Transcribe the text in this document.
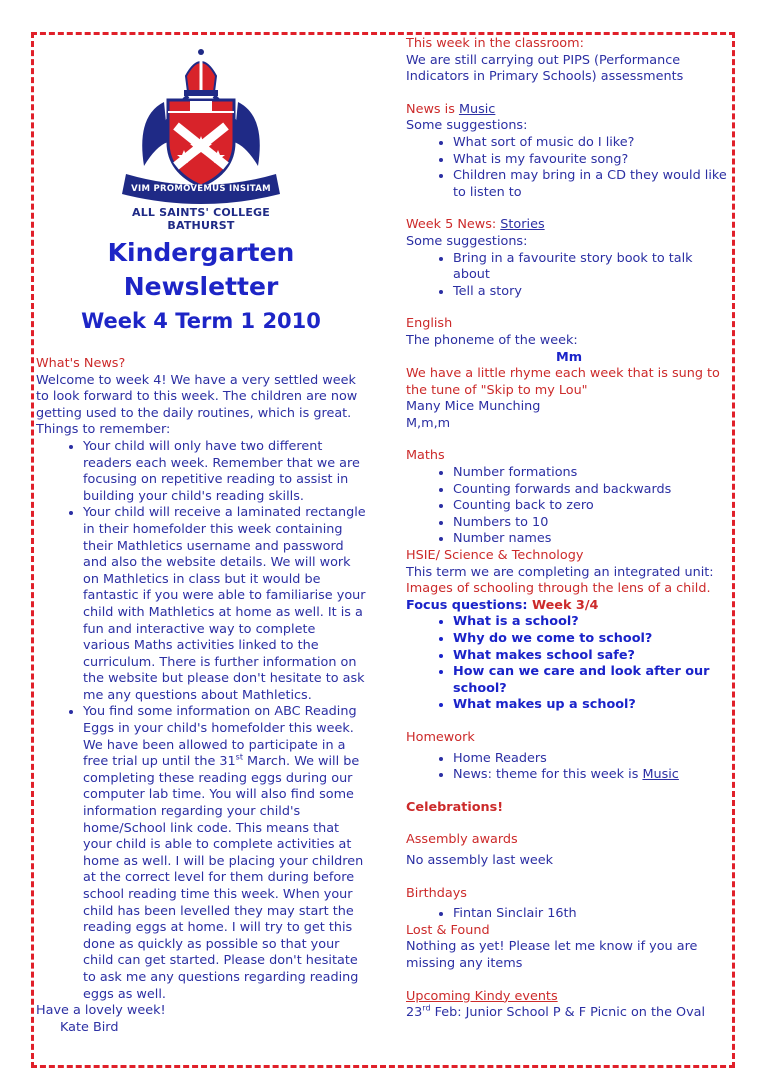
VIM PROMOVEMUS INSITAM
ALL SAINTS' COLLEGE
BATHURST
Kindergarten
Newsletter
Week 4 Term 1 2010
What's News?
Welcome to week 4! We have a very settled week to look forward to this week. The children are now getting used to the daily routines, which is great.
Things to remember:
• Your child will only have two different readers each week. Remember that we are focusing on repetitive reading to assist in building your child's reading skills.
• Your child will receive a laminated rectangle in their homefolder this week containing their Mathletics username and password and also the website details. We will work on Mathletics in class but it would be fantastic if you were able to familiarise your child with Mathletics at home as well. It is a fun and interactive way to complete various Maths activities linked to the curriculum. There is further information on the website but please don't hesitate to ask me any questions about Mathletics.
• You find some information on ABC Reading Eggs in your child's homefolder this week. We have been allowed to participate in a free trial up until the 31st March. We will be completing these reading eggs during our computer lab time. You will also find some information regarding your child's home/School link code. This means that your child is able to complete activities at home as well. I will be placing your children at the correct level for them during before school reading time this week. When your child has been levelled they may start the reading eggs at home. I will try to get this done as quickly as possible so that your child can get started. Please don't hesitate to ask me any questions regarding reading eggs as well.
Have a lovely week!
Kate Bird
This week in the classroom:
We are still carrying out PIPS (Performance Indicators in Primary Schools) assessments
News is Music
Some suggestions:
• What sort of music do I like?
• What is my favourite song?
• Children may bring in a CD they would like to listen to
Week 5 News: Stories
Some suggestions:
• Bring in a favourite story book to talk about
• Tell a story
English
The phoneme of the week:
Mm
We have a little rhyme each week that is sung to the tune of "Skip to my Lou"
Many Mice Munching
M,m,m
Maths
• Number formations
• Counting forwards and backwards
• Counting back to zero
• Numbers to 10
• Number names
HSIE/ Science & Technology
This term we are completing an integrated unit:
Images of schooling through the lens of a child.
Focus questions: Week 3/4
• What is a school?
• Why do we come to school?
• What makes school safe?
• How can we care and look after our school?
• What makes up a school?
Homework
• Home Readers
• News: theme for this week is Music
Celebrations!
Assembly awards
No assembly last week
Birthdays
• Fintan Sinclair 16th
Lost & Found
Nothing as yet! Please let me know if you are missing any items
Upcoming Kindy events
23rd Feb: Junior School P & F Picnic on the Oval
